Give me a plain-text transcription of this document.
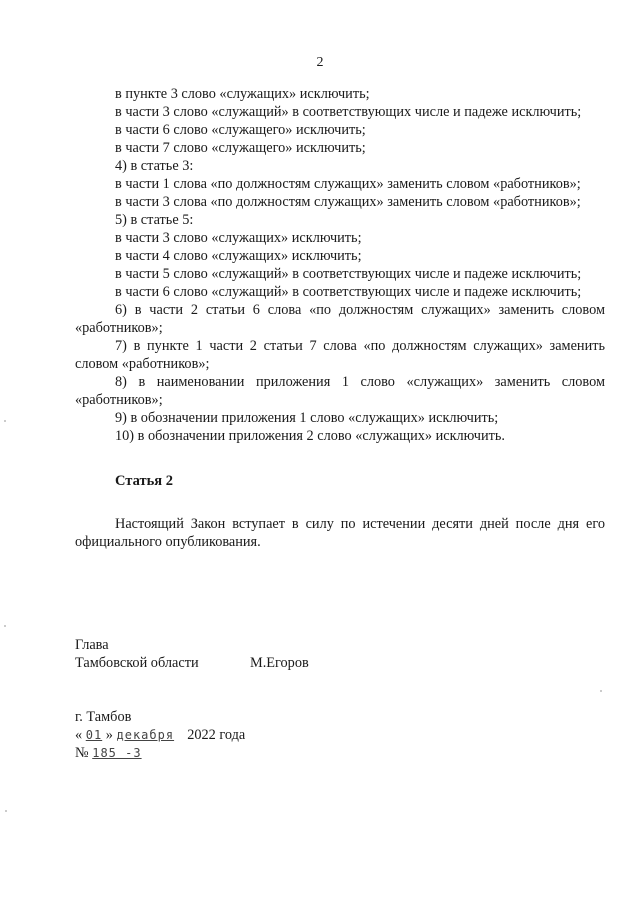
2

в пункте 3 слово «служащих» исключить;

в части 3 слово «служащий» в соответствующих числе и падеже исключить;

в части 6 слово «служащего» исключить;

в части 7 слово «служащего» исключить;

4) в статье 3:

в части 1 слова «по должностям служащих» заменить словом «работников»;

в части 3 слова «по должностям служащих» заменить словом «работников»;

5) в статье 5:

в части 3 слово «служащих» исключить;

в части 4 слово «служащих» исключить;

в части 5 слово «служащий» в соответствующих числе и падеже исключить;

в части 6 слово «служащий» в соответствующих числе и падеже исключить;

6) в части 2 статьи 6 слова «по должностям служащих» заменить словом «работников»;

7) в пункте 1 части 2 статьи 7 слова «по должностям служащих» заменить словом «работников»;

8) в наименовании приложения 1 слово «служащих» заменить словом «работников»;

9) в обозначении приложения 1 слово «служащих» исключить;

10) в обозначении приложения 2 слово «служащих» исключить.

Статья 2

Настоящий Закон вступает в силу по истечении десяти дней после дня его официального опубликования.

Глава
Тамбовской области	М.Егоров
г. Тамбов
« 01 » декабря 2022 года
№ 185 -3
